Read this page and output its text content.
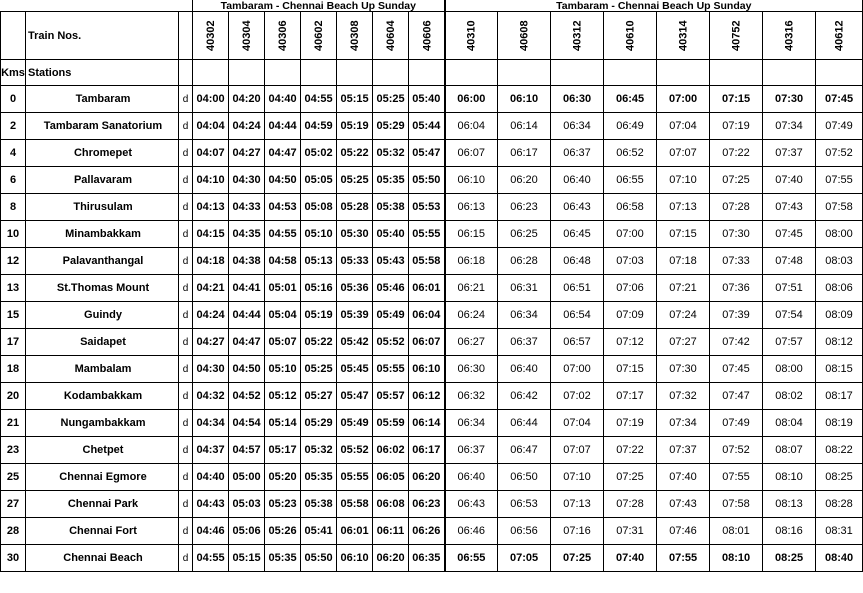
			Tambaram - Chennai Beach Up Sunday							Tambaram - Chennai Beach Up Sunday							
	Train Nos.		40302	40304	40306	40602	40308	40604	40606	40310	40608	40312	40610	40314	40752	40316	40612
Kms	Stations																
0	Tambaram	d	04:00	04:20	04:40	04:55	05:15	05:25	05:40	06:00	06:10	06:30	06:45	07:00	07:15	07:30	07:45
2	Tambaram Sanatorium	d	04:04	04:24	04:44	04:59	05:19	05:29	05:44	06:04	06:14	06:34	06:49	07:04	07:19	07:34	07:49
4	Chromepet	d	04:07	04:27	04:47	05:02	05:22	05:32	05:47	06:07	06:17	06:37	06:52	07:07	07:22	07:37	07:52
6	Pallavaram	d	04:10	04:30	04:50	05:05	05:25	05:35	05:50	06:10	06:20	06:40	06:55	07:10	07:25	07:40	07:55
8	Thirusulam	d	04:13	04:33	04:53	05:08	05:28	05:38	05:53	06:13	06:23	06:43	06:58	07:13	07:28	07:43	07:58
10	Minambakkam	d	04:15	04:35	04:55	05:10	05:30	05:40	05:55	06:15	06:25	06:45	07:00	07:15	07:30	07:45	08:00
12	Palavanthangal	d	04:18	04:38	04:58	05:13	05:33	05:43	05:58	06:18	06:28	06:48	07:03	07:18	07:33	07:48	08:03
13	St.Thomas Mount	d	04:21	04:41	05:01	05:16	05:36	05:46	06:01	06:21	06:31	06:51	07:06	07:21	07:36	07:51	08:06
15	Guindy	d	04:24	04:44	05:04	05:19	05:39	05:49	06:04	06:24	06:34	06:54	07:09	07:24	07:39	07:54	08:09
17	Saidapet	d	04:27	04:47	05:07	05:22	05:42	05:52	06:07	06:27	06:37	06:57	07:12	07:27	07:42	07:57	08:12
18	Mambalam	d	04:30	04:50	05:10	05:25	05:45	05:55	06:10	06:30	06:40	07:00	07:15	07:30	07:45	08:00	08:15
20	Kodambakkam	d	04:32	04:52	05:12	05:27	05:47	05:57	06:12	06:32	06:42	07:02	07:17	07:32	07:47	08:02	08:17
21	Nungambakkam	d	04:34	04:54	05:14	05:29	05:49	05:59	06:14	06:34	06:44	07:04	07:19	07:34	07:49	08:04	08:19
23	Chetpet	d	04:37	04:57	05:17	05:32	05:52	06:02	06:17	06:37	06:47	07:07	07:22	07:37	07:52	08:07	08:22
25	Chennai Egmore	d	04:40	05:00	05:20	05:35	05:55	06:05	06:20	06:40	06:50	07:10	07:25	07:40	07:55	08:10	08:25
27	Chennai Park	d	04:43	05:03	05:23	05:38	05:58	06:08	06:23	06:43	06:53	07:13	07:28	07:43	07:58	08:13	08:28
28	Chennai Fort	d	04:46	05:06	05:26	05:41	06:01	06:11	06:26	06:46	06:56	07:16	07:31	07:46	08:01	08:16	08:31
30	Chennai Beach	d	04:55	05:15	05:35	05:50	06:10	06:20	06:35	06:55	07:05	07:25	07:40	07:55	08:10	08:25	08:40
